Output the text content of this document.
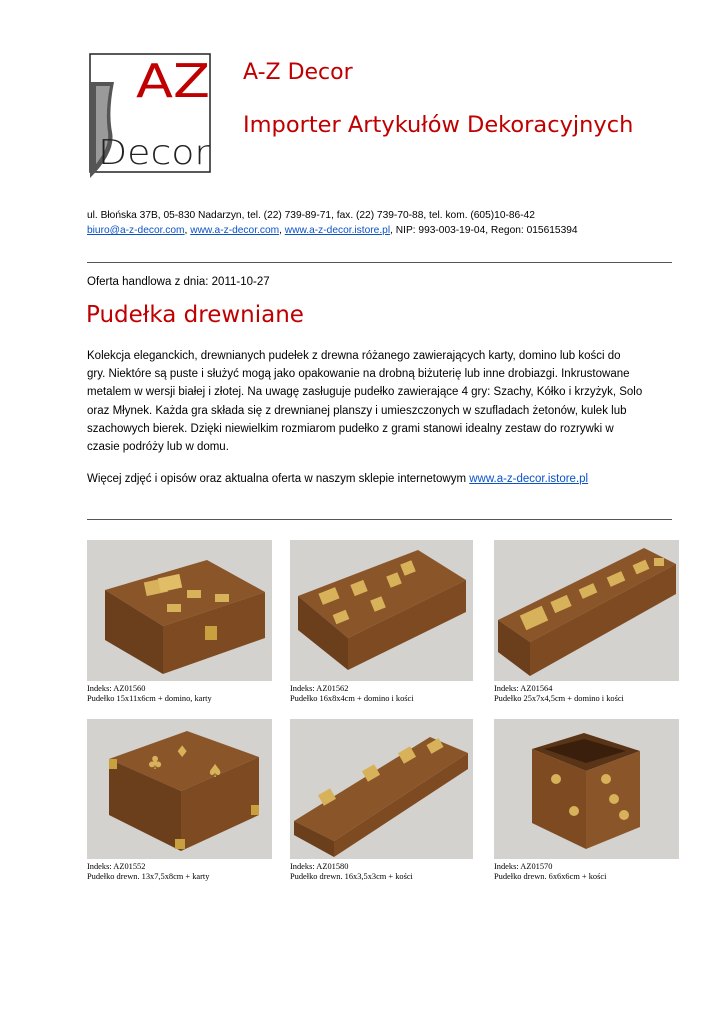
AZ
Decor
A-Z Decor
Importer Artykułów Dekoracyjnych
ul. Błońska 37B, 05-830 Nadarzyn, tel. (22) 739-89-71, fax. (22) 739-70-88, tel. kom. (605)10-86-42
biuro@a-z-decor.com, www.a-z-decor.com, www.a-z-decor.istore.pl, NIP: 993-003-19-04, Regon: 015615394
Oferta handlowa z dnia: 2011-10-27
Pudełka drewniane
Kolekcja eleganckich, drewnianych pudełek z drewna różanego zawierających karty, domino lub kości do
gry. Niektóre są puste i służyć mogą jako opakowanie na drobną biżuterię lub inne drobiazgi. Inkrustowane
metalem w wersji białej i złotej. Na uwagę zasługuje pudełko zawierające 4 gry: Szachy, Kółko i krzyżyk, Solo
oraz Młynek. Każda gra składa się z drewnianej planszy i umieszczonych w szufladach żetonów, kulek lub
szachowych bierek. Dzięki niewielkim rozmiarom pudełko z grami stanowi idealny zestaw do rozrywki w
czasie podróży lub w domu.
Więcej zdjęć i opisów oraz aktualna oferta w naszym sklepie internetowym www.a-z-decor.istore.pl
Indeks: AZ01560
Pudełko 15x11x6cm + domino, karty
Indeks: AZ01562
Pudełko 16x8x4cm + domino i kości
Indeks: AZ01564
Pudełko 25x7x4,5cm + domino i kości
♣
♦
♠
Indeks: AZ01552
Pudełko drewn. 13x7,5x8cm + karty
Indeks: AZ01580
Pudełko drewn. 16x3,5x3cm + kości
Indeks: AZ01570
Pudełko drewn. 6x6x6cm + kości
